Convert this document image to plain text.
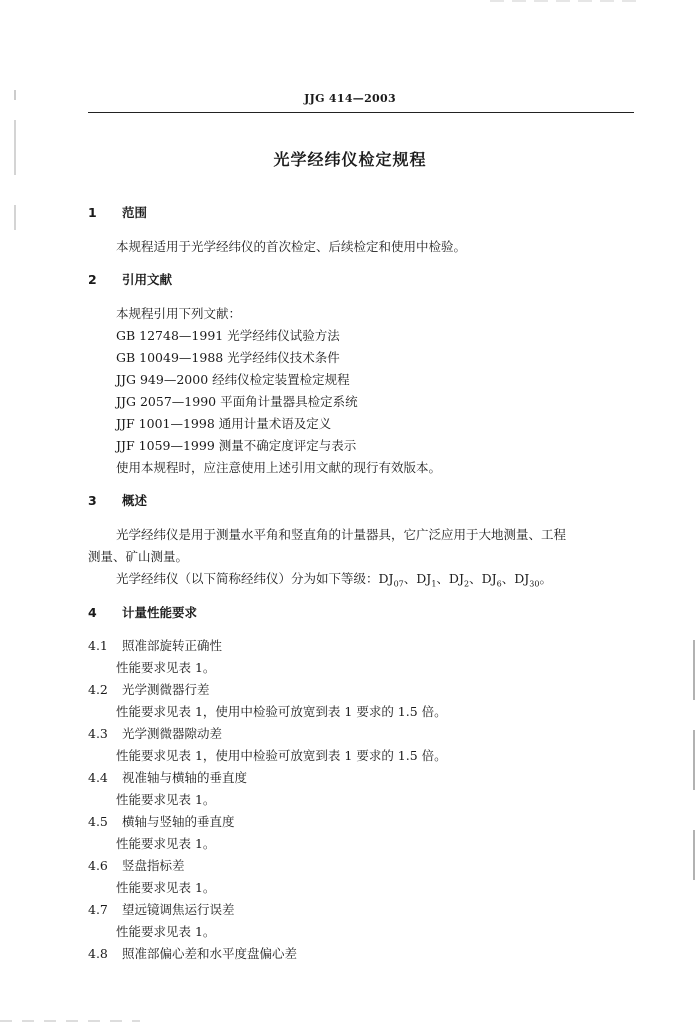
JJG 414—2003
光学经纬仪检定规程
1 范围
本规程适用于光学经纬仪的首次检定、后续检定和使用中检验。
2 引用文献
本规程引用下列文献：
GB 12748—1991 光学经纬仪试验方法
GB 10049—1988 光学经纬仪技术条件
JJG 949—2000 经纬仪检定装置检定规程
JJG 2057—1990 平面角计量器具检定系统
JJF 1001—1998 通用计量术语及定义
JJF 1059—1999 测量不确定度评定与表示
使用本规程时，应注意使用上述引用文献的现行有效版本。
3 概述
光学经纬仪是用于测量水平角和竖直角的计量器具，它广泛应用于大地测量、工程
测量、矿山测量。
光学经纬仪（以下简称经纬仪）分为如下等级：$DJ_{07}$、$DJ_1$、$DJ_2$、$DJ_6$、$DJ_{30}$。
4 计量性能要求
4.1 照准部旋转正确性
性能要求见表 1。
4.2 光学测微器行差
性能要求见表 1，使用中检验可放宽到表 1 要求的 1.5 倍。
4.3 光学测微器隙动差
性能要求见表 1，使用中检验可放宽到表 1 要求的 1.5 倍。
4.4 视准轴与横轴的垂直度
性能要求见表 1。
4.5 横轴与竖轴的垂直度
性能要求见表 1。
4.6 竖盘指标差
性能要求见表 1。
4.7 望远镜调焦运行误差
性能要求见表 1。
4.8 照准部偏心差和水平度盘偏心差
